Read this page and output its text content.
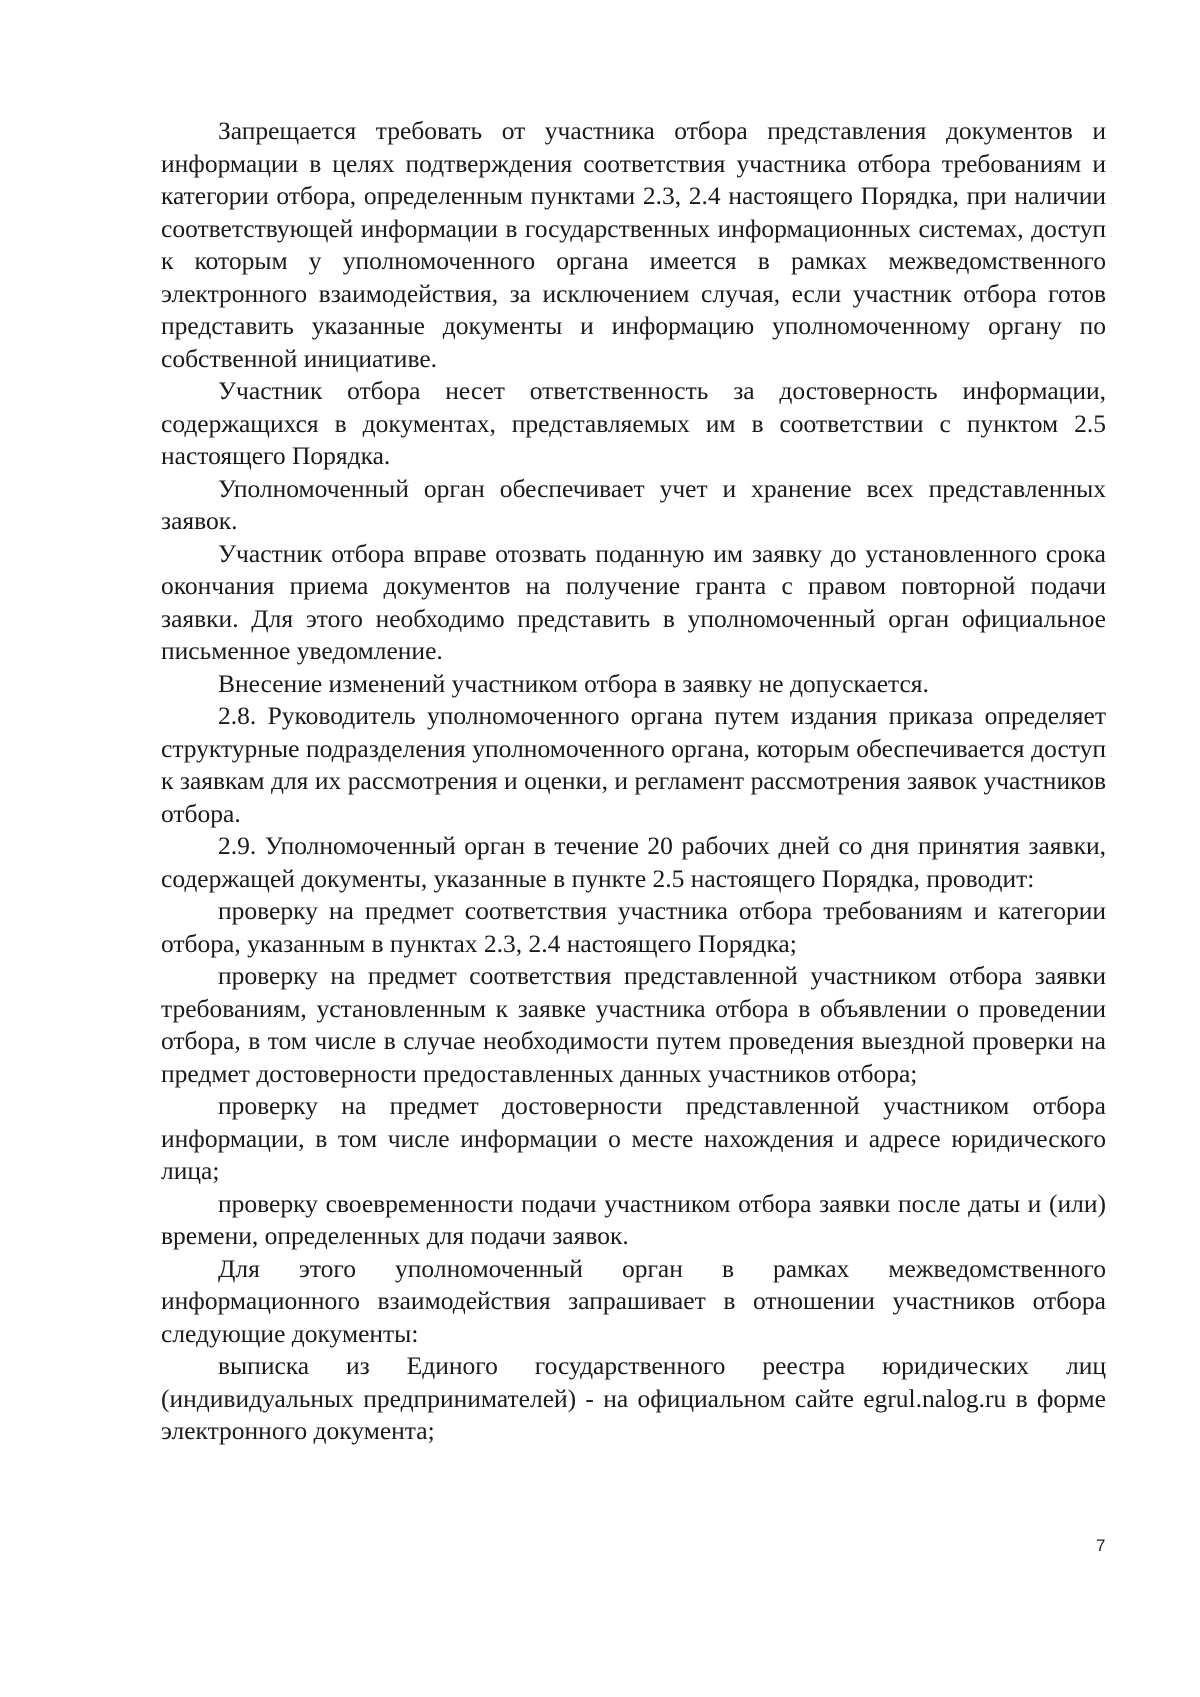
Запрещается требовать от участника отбора представления документов и информации в целях подтверждения соответствия участника отбора требованиям и категории отбора, определенным пунктами 2.3, 2.4 настоящего Порядка, при наличии соответствующей информации в государственных информационных системах, доступ к которым у уполномоченного органа имеется в рамках межведомственного электронного взаимодействия, за исключением случая, если участник отбора готов представить указанные документы и информацию уполномоченному органу по собственной инициативе.

Участник отбора несет ответственность за достоверность информации, содержащихся в документах, представляемых им в соответствии с пунктом 2.5 настоящего Порядка.

Уполномоченный орган обеспечивает учет и хранение всех представленных заявок.

Участник отбора вправе отозвать поданную им заявку до установленного срока окончания приема документов на получение гранта с правом повторной подачи заявки. Для этого необходимо представить в уполномоченный орган официальное письменное уведомление.

Внесение изменений участником отбора в заявку не допускается.

2.8. Руководитель уполномоченного органа путем издания приказа определяет структурные подразделения уполномоченного органа, которым обеспечивается доступ к заявкам для их рассмотрения и оценки, и регламент рассмотрения заявок участников отбора.

2.9. Уполномоченный орган в течение 20 рабочих дней со дня принятия заявки, содержащей документы, указанные в пункте 2.5 настоящего Порядка, проводит:

проверку на предмет соответствия участника отбора требованиям и категории отбора, указанным в пунктах 2.3, 2.4 настоящего Порядка;

проверку на предмет соответствия представленной участником отбора заявки требованиям, установленным к заявке участника отбора в объявлении о проведении отбора, в том числе в случае необходимости путем проведения выездной проверки на предмет достоверности предоставленных данных участников отбора;

проверку на предмет достоверности представленной участником отбора информации, в том числе информации о месте нахождения и адресе юридического лица;

проверку своевременности подачи участником отбора заявки после даты и (или) времени, определенных для подачи заявок.

Для этого уполномоченный орган в рамках межведомственного информационного взаимодействия запрашивает в отношении участников отбора следующие документы:

выписка из Единого государственного реестра юридических лиц (индивидуальных предпринимателей) - на официальном сайте egrul.nalog.ru в форме электронного документа;

7
